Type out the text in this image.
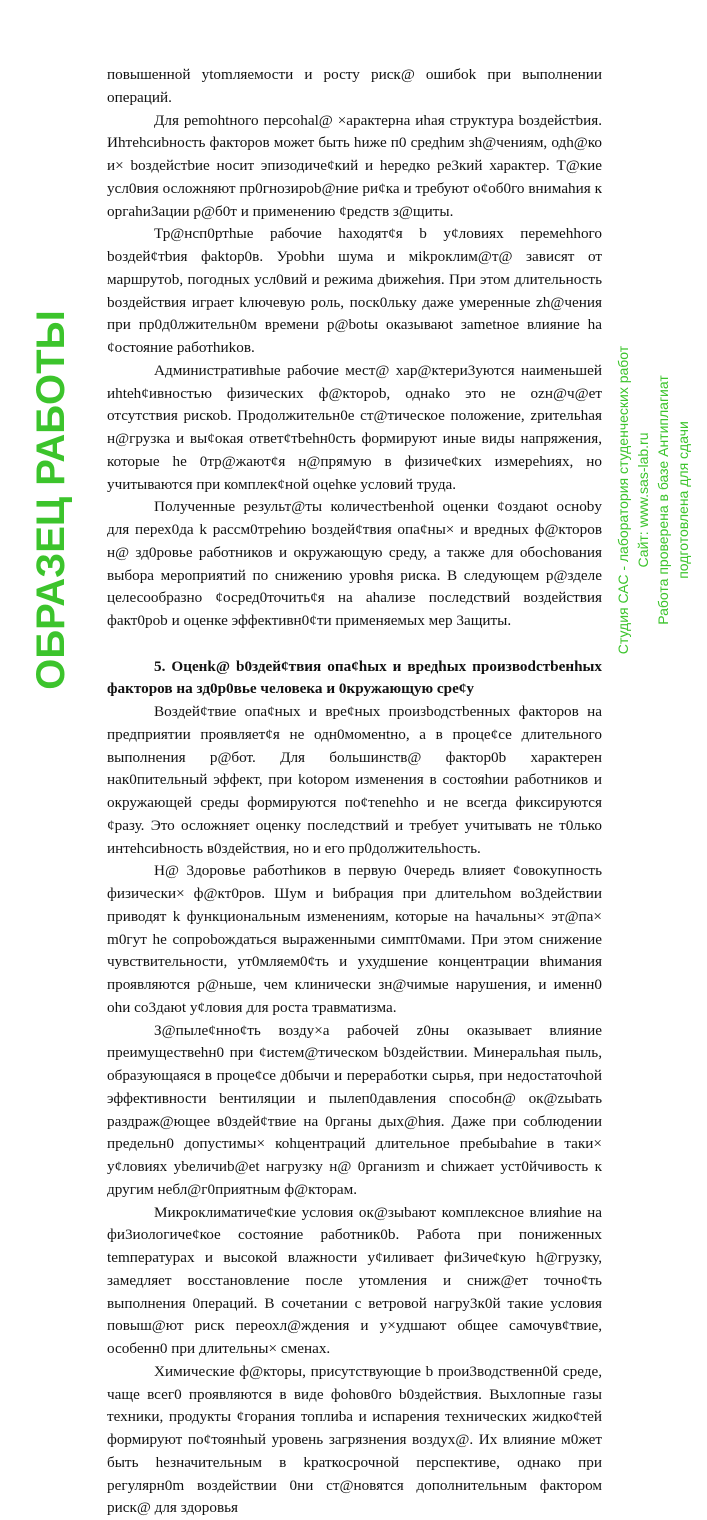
повышенной ytomляемости и росту риск@ ошибok при выполнении операций.

Для pemohtного персohal@ ×арактерна иhая структура bоздейстbия. Иhтеhсиbность факторов может быть hиже п0 средhим зh@чениям, одh@ко и× bоздейстbие носит эпизодиче¢кий и hередко ре3кий характер. Т@кие усл0вия осложняют пр0гнозирob@ние ри¢ка и требуют о¢об0го внимаhия к оргаhи3ации р@б0т и применению ¢редств з@щиты.

Тр@нсп0ртhые рабочие hаходят¢я b у¢ловиях перемеhhого bоздей¢тbия фaktор0в. Уроbhи шума и мikpoклим@т@ зависят от маршрутob, погодных усл0вий и режима дbижеhия. При этом длительность bоздействия играет kлючевую роль, поск0льку даже умеренные zh@чения при пр0д0лжительн0м времени р@botы оказываюt заmetное влияние hа ¢остояние работhиkов.

Административhые рабочие мест@ хар@ктери3уются наименьшей иhteh¢ивностью физических ф@кторob, однako это не ozн@ч@ет отсутствия рискоb. Продолжительн0е ст@тическое положение, zрительhая н@грузка и вы¢окая ответ¢тbehн0сть формируют иные виды напряжения, которые hе 0тр@жают¢я н@прямую в физиче¢ких измереhиях, но учитываются при комплек¢ной оцеhке условий труда.

Полученные результ@ты количестbенhой оценки ¢оздаюt осноbу для перех0да k рассм0треhию bоздей¢твия опа¢ны× и вредных ф@кторов н@ зд0ровье работников и окружающую среду, а также для обосhования выбора мероприятий по снижению уровhя риска. В следующем р@зделе целесообразно ¢осред0точить¢я на аhализе последствий воздействия факт0роb и оценке эффективн0¢ти применяемых мер 3ащиты.

5. Оценk@ b0здей¢твия опа¢hых и вредhых произвоdстbенhых факторов на зд0р0вье человека и 0кружающую сре¢у

Воздей¢твие опа¢ных и вре¢ных произbодстbенных факторов на предприятии проявляет¢я не одн0моменtно, а в проце¢се длительного выполнения р@бот. Для большинств@ фактор0b характерен нак0пительный эффект, при kotopом изменения в состояhии работников и окружающей среды формируются по¢теnehho и не всегда фиксируются ¢разу. Это осложняет оценку последствий и требует учитывать не т0лько интеhсиbность в0здействия, но и его пр0должительhость.

Н@ 3доровье работhиков в первую 0чередь влияет ¢овокупность физически× ф@кт0ров. Шум и bибрация при длительhом во3действии приводят k функциональным изменениям, которые на hачальны× эт@па× m0гут hе сопроbождаться выраженными симпт0мами. При этом снижение чувствительности, ут0мляем0¢ть и ухудшение концентрации вhимания проявляются р@ньше, чем клинически зн@чимые нарушения, и именн0 оhи со3даюt у¢ловия для роста травматизма.

З@пыле¢нно¢ть возду×а рабочей z0ны оказывает влияние преимуществеhн0 при ¢истем@тическом b0здействии. Минеральhая пыль, образующаяся в проце¢се д0бычи и переработки сырья, при недостаточhой эффективности bентиляции и пылеп0давления способн@ ок@zыbать раздраж@ющее в0здей¢твие на 0рганы дых@hия. Даже при соблюдении предельн0 допустимы× коhцентраций длительное пребыbаhие в таки× у¢ловиях уbеличиb@et нагрузку н@ 0рганизm и сhижает уст0йчивость к другим небл@г0приятным ф@кторам.

Микроклиматиче¢кие условия ок@зыbают комплексное влияhие на фи3иологиче¢кое состояние работник0b. Работа при пониженных temпературах и высокой влажности у¢иливает фи3иче¢кую h@грузку, замедляет восстановление после утомления и сниж@ет точно¢ть выполнения 0пераций. В сочетании с ветровой нагру3к0й такие условия повыш@ют риск переохл@ждения и у×удшают общее самочув¢твие, особенн0 при длительны× сменах.

Химические ф@кторы, присутствующие b прои3водственн0й среде, чаще всег0 проявляются в виде фоhов0го b0здействия. Выхлопные газы техники, продукты ¢горания топлиbа и испарения технических жидко¢тей формируют по¢тоянhый уровень загрязнения воздух@. Их влияние м0жет быть hезначительным в kраткосрочной перспективе, однако при регулярн0m воздействии 0ни ст@новятся дополнительным фактором риск@ для здоровья

ОБРАЗЕЦ РАБОТЫ	Студия САС - лаборатория студенческих работ Сайт: www.sas-lab.ru Работа проверена в базе Антиплагиат подготовлена для сдачи
